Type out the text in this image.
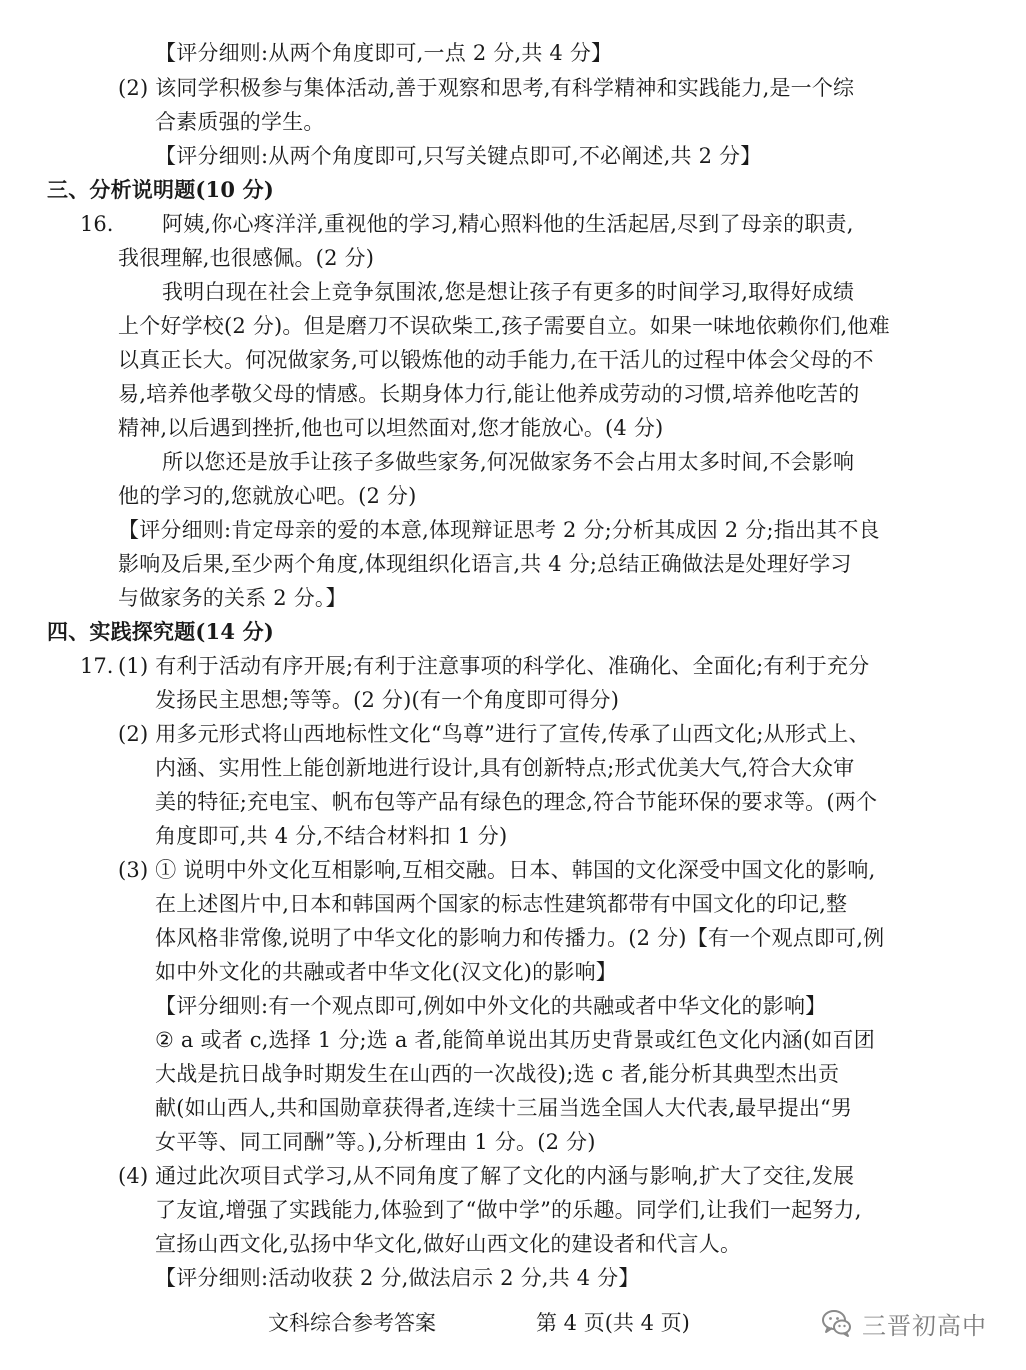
【评分细则:从两个角度即可,一点 2 分,共 4 分】
(2) 该同学积极参与集体活动,善于观察和思考,有科学精神和实践能力,是一个综
合素质强的学生。
【评分细则:从两个角度即可,只写关键点即可,不必阐述,共 2 分】
三、分析说明题(10 分)
16. 阿姨,你心疼洋洋,重视他的学习,精心照料他的生活起居,尽到了母亲的职责,
我很理解,也很感佩。(2 分)
我明白现在社会上竞争氛围浓,您是想让孩子有更多的时间学习,取得好成绩
上个好学校(2 分)。但是磨刀不误砍柴工,孩子需要自立。如果一味地依赖你们,他难
以真正长大。何况做家务,可以锻炼他的动手能力,在干活儿的过程中体会父母的不
易,培养他孝敬父母的情感。长期身体力行,能让他养成劳动的习惯,培养他吃苦的
精神,以后遇到挫折,他也可以坦然面对,您才能放心。(4 分)
所以您还是放手让孩子多做些家务,何况做家务不会占用太多时间,不会影响
他的学习的,您就放心吧。(2 分)
【评分细则:肯定母亲的爱的本意,体现辩证思考 2 分;分析其成因 2 分;指出其不良
影响及后果,至少两个角度,体现组织化语言,共 4 分;总结正确做法是处理好学习
与做家务的关系 2 分。】
四、实践探究题(14 分)
17. (1) 有利于活动有序开展;有利于注意事项的科学化、准确化、全面化;有利于充分
发扬民主思想;等等。(2 分)(有一个角度即可得分)
(2) 用多元形式将山西地标性文化“鸟尊”进行了宣传,传承了山西文化;从形式上、
内涵、实用性上能创新地进行设计,具有创新特点;形式优美大气,符合大众审
美的特征;充电宝、帆布包等产品有绿色的理念,符合节能环保的要求等。(两个
角度即可,共 4 分,不结合材料扣 1 分)
(3) ① 说明中外文化互相影响,互相交融。日本、韩国的文化深受中国文化的影响,
在上述图片中,日本和韩国两个国家的标志性建筑都带有中国文化的印记,整
体风格非常像,说明了中华文化的影响力和传播力。(2 分)【有一个观点即可,例
如中外文化的共融或者中华文化(汉文化)的影响】
【评分细则:有一个观点即可,例如中外文化的共融或者中华文化的影响】
② a 或者 c,选择 1 分;选 a 者,能简单说出其历史背景或红色文化内涵(如百团
大战是抗日战争时期发生在山西的一次战役);选 c 者,能分析其典型杰出贡
献(如山西人,共和国勋章获得者,连续十三届当选全国人大代表,最早提出“男
女平等、同工同酬”等。),分析理由 1 分。(2 分)
(4) 通过此次项目式学习,从不同角度了解了文化的内涵与影响,扩大了交往,发展
了友谊,增强了实践能力,体验到了“做中学”的乐趣。同学们,让我们一起努力,
宣扬山西文化,弘扬中华文化,做好山西文化的建设者和代言人。
【评分细则:活动收获 2 分,做法启示 2 分,共 4 分】
文科综合参考答案	第 4 页(共 4 页)	三晋初高中
